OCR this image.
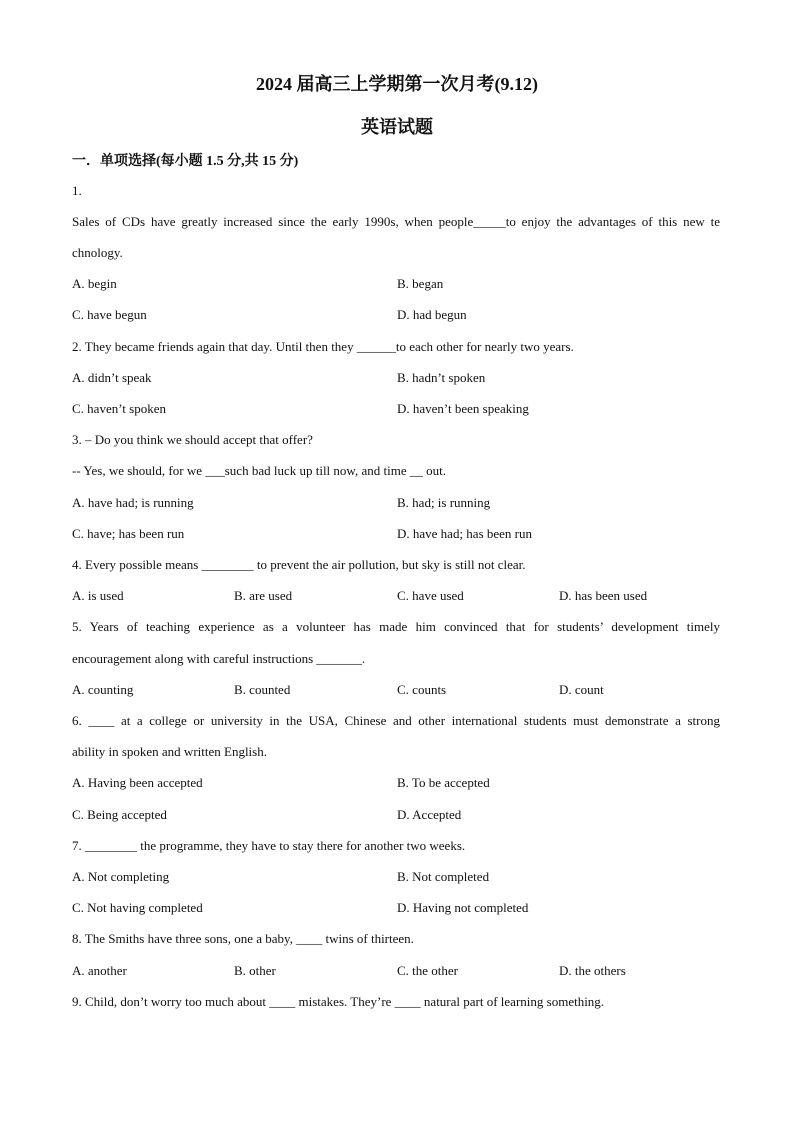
2024 届高三上学期第一次月考(9.12)
英语试题
一．单项选择(每小题 1.5 分,共 15 分)
1.
Sales of CDs have greatly increased since the early 1990s, when people_____to enjoy the advantages of this new te
chnology.
A. begin	B. began
C. have begun	D. had begun
2. They became friends again that day. Until then they ______to each other for nearly two years.
A. didn’t speak	B. hadn’t spoken
C. haven’t spoken	D. haven’t been speaking
3. – Do you think we should accept that offer?
-- Yes, we should, for we ___such bad luck up till now, and time __ out.
A. have had; is running	B. had; is running
C. have; has been run	D. have had; has been run
4. Every possible means ________ to prevent the air pollution, but sky is still not clear.
A. is used	B. are used	C. have used	D. has been used
5. Years of teaching experience as a volunteer has made him convinced that for students’ development timely
encouragement along with careful instructions _______.
A. counting	B. counted	C. counts	D. count
6. ____ at a college or university in the USA, Chinese and other international students must demonstrate a strong
ability in spoken and written English.
A. Having been accepted	B. To be accepted
C. Being accepted	D. Accepted
7. ________ the programme, they have to stay there for another two weeks.
A. Not completing	B. Not completed
C. Not having completed	D. Having not completed
8. The Smiths have three sons, one a baby, ____ twins of thirteen.
A. another	B. other	C. the other	D. the others
9. Child, don’t worry too much about ____ mistakes. They’re ____ natural part of learning something.
